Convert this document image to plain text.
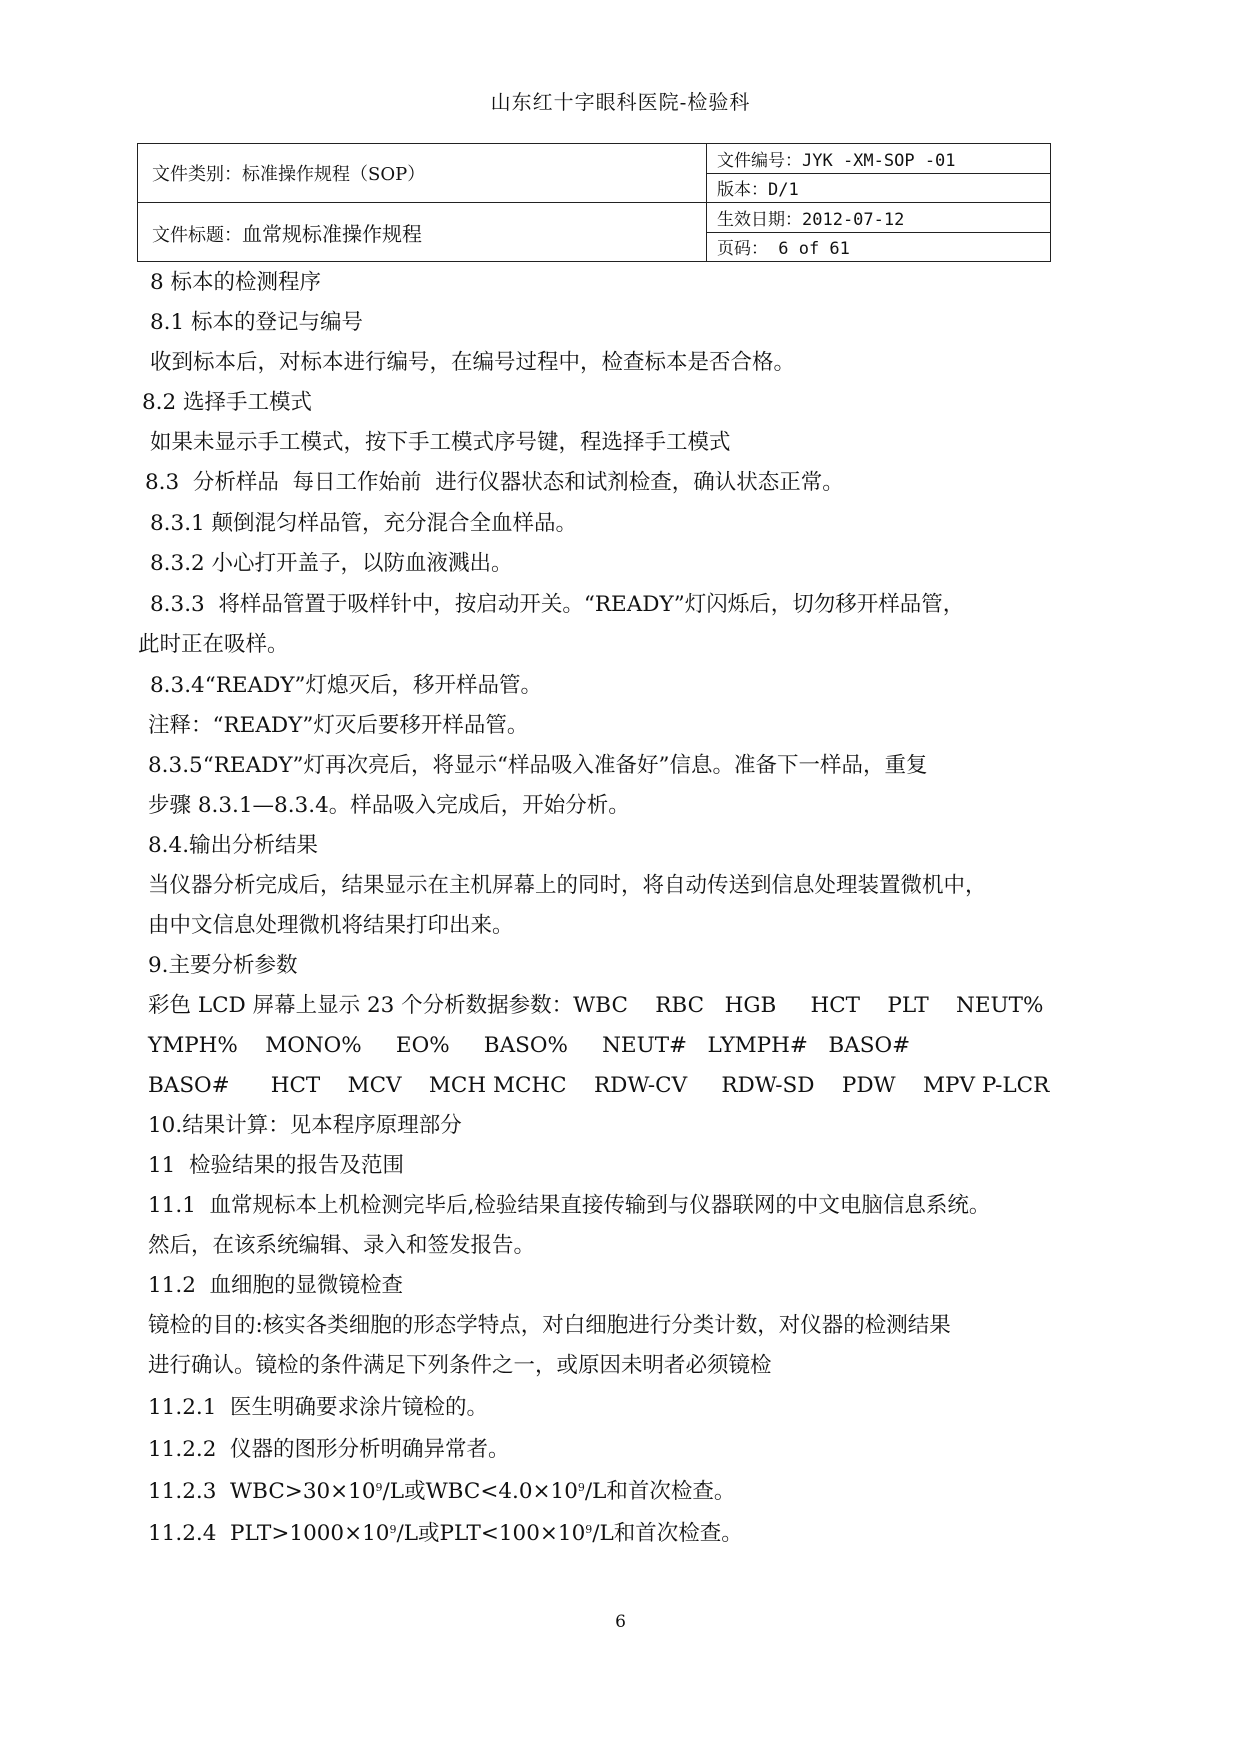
山东红十字眼科医院-检验科
文件类别：标准操作规程（SOP）	文件编号：JYK -XM-SOP -01
	版本：D/1
文件标题：血常规标准操作规程	生效日期：2012-07-12
	页码： 6 of 61
8 标本的检测程序
8.1 标本的登记与编号
收到标本后，对标本进行编号，在编号过程中，检查标本是否合格。
8.2 选择手工模式
如果未显示手工模式，按下手工模式序号键，程选择手工模式
8.3  分析样品  每日工作始前  进行仪器状态和试剂检查，确认状态正常。
8.3.1 颠倒混匀样品管，充分混合全血样品。
8.3.2 小心打开盖子，以防血液溅出。
8.3.3  将样品管置于吸样针中，按启动开关。“READY”灯闪烁后，切勿移开样品管，
此时正在吸样。
8.3.4“READY”灯熄灭后，移开样品管。
注释：“READY”灯灭后要移开样品管。
8.3.5“READY”灯再次亮后，将显示“样品吸入准备好”信息。准备下一样品，重复
步骤 8.3.1—8.3.4。样品吸入完成后，开始分析。
8.4.输出分析结果
当仪器分析完成后，结果显示在主机屏幕上的同时，将自动传送到信息处理装置微机中，
由中文信息处理微机将结果打印出来。
9.主要分析参数
彩色 LCD 屏幕上显示 23 个分析数据参数：WBC    RBC   HGB     HCT    PLT    NEUT%
YMPH%    MONO%     EO%     BASO%     NEUT#   LYMPH#   BASO#
BASO#      HCT    MCV    MCH MCHC    RDW-CV     RDW-SD    PDW    MPV P-LCR
10.结果计算：见本程序原理部分
11  检验结果的报告及范围
11.1  血常规标本上机检测完毕后,检验结果直接传输到与仪器联网的中文电脑信息系统。
然后，在该系统编辑、录入和签发报告。
11.2  血细胞的显微镜检查
镜检的目的:核实各类细胞的形态学特点，对白细胞进行分类计数，对仪器的检测结果
进行确认。镜检的条件满足下列条件之一，或原因未明者必须镜检
11.2.1  医生明确要求涂片镜检的。
11.2.2  仪器的图形分析明确异常者。
11.2.3  $WBC>30\times 10^9/L$或$WBC<4.0\times 10^9/L$和首次检查。
11.2.4  $PLT>1000\times 10^9/L$或$PLT<100\times 10^9/L$和首次检查。
6
